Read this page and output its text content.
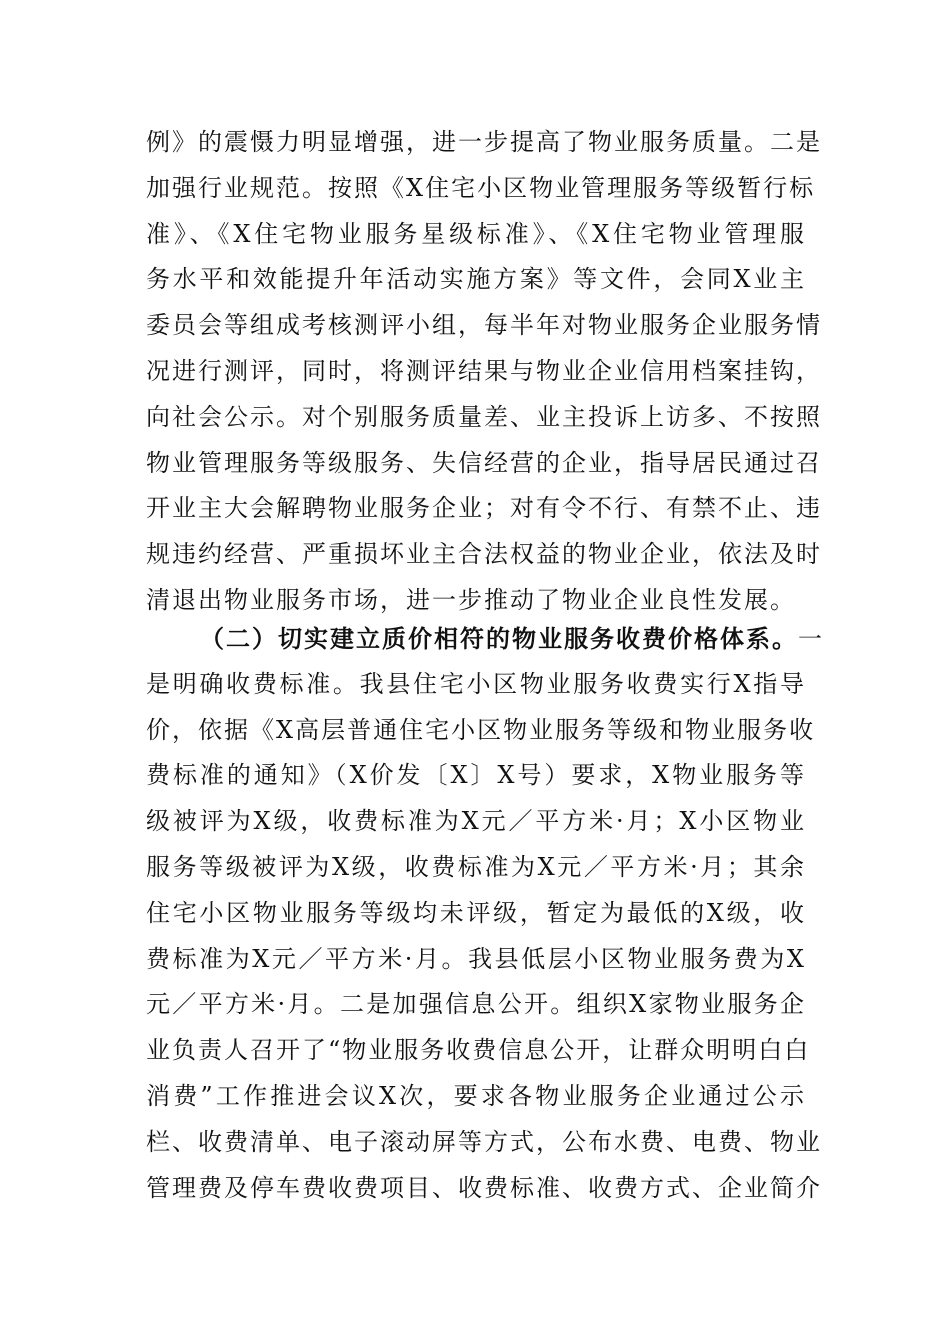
例》的震慑力明显增强，进一步提高了物业服务质量。二是
加强行业规范。按照《X住宅小区物业管理服务等级暂行标
准》、《X住宅物业服务星级标准》、《X住宅物业管理服
务水平和效能提升年活动实施方案》等文件，会同X业主
委员会等组成考核测评小组，每半年对物业服务企业服务情
况进行测评，同时，将测评结果与物业企业信用档案挂钩，
向社会公示。对个别服务质量差、业主投诉上访多、不按照
物业管理服务等级服务、失信经营的企业，指导居民通过召
开业主大会解聘物业服务企业；对有令不行、有禁不止、违
规违约经营、严重损坏业主合法权益的物业企业，依法及时
清退出物业服务市场，进一步推动了物业企业良性发展。
（二）切实建立质价相符的物业服务收费价格体系。一
是明确收费标准。我县住宅小区物业服务收费实行X指导
价，依据《X高层普通住宅小区物业服务等级和物业服务收
费标准的通知》（X价发〔X〕X号）要求，X物业服务等
级被评为X级，收费标准为X元／平方米·月；X小区物业
服务等级被评为X级，收费标准为X元／平方米·月；其余
住宅小区物业服务等级均未评级，暂定为最低的X级，收
费标准为X元／平方米·月。我县低层小区物业服务费为X
元／平方米·月。二是加强信息公开。组织X家物业服务企
业负责人召开了“物业服务收费信息公开，让群众明明白白
消费”工作推进会议X次，要求各物业服务企业通过公示
栏、收费清单、电子滚动屏等方式，公布水费、电费、物业
管理费及停车费收费项目、收费标准、收费方式、企业简介
